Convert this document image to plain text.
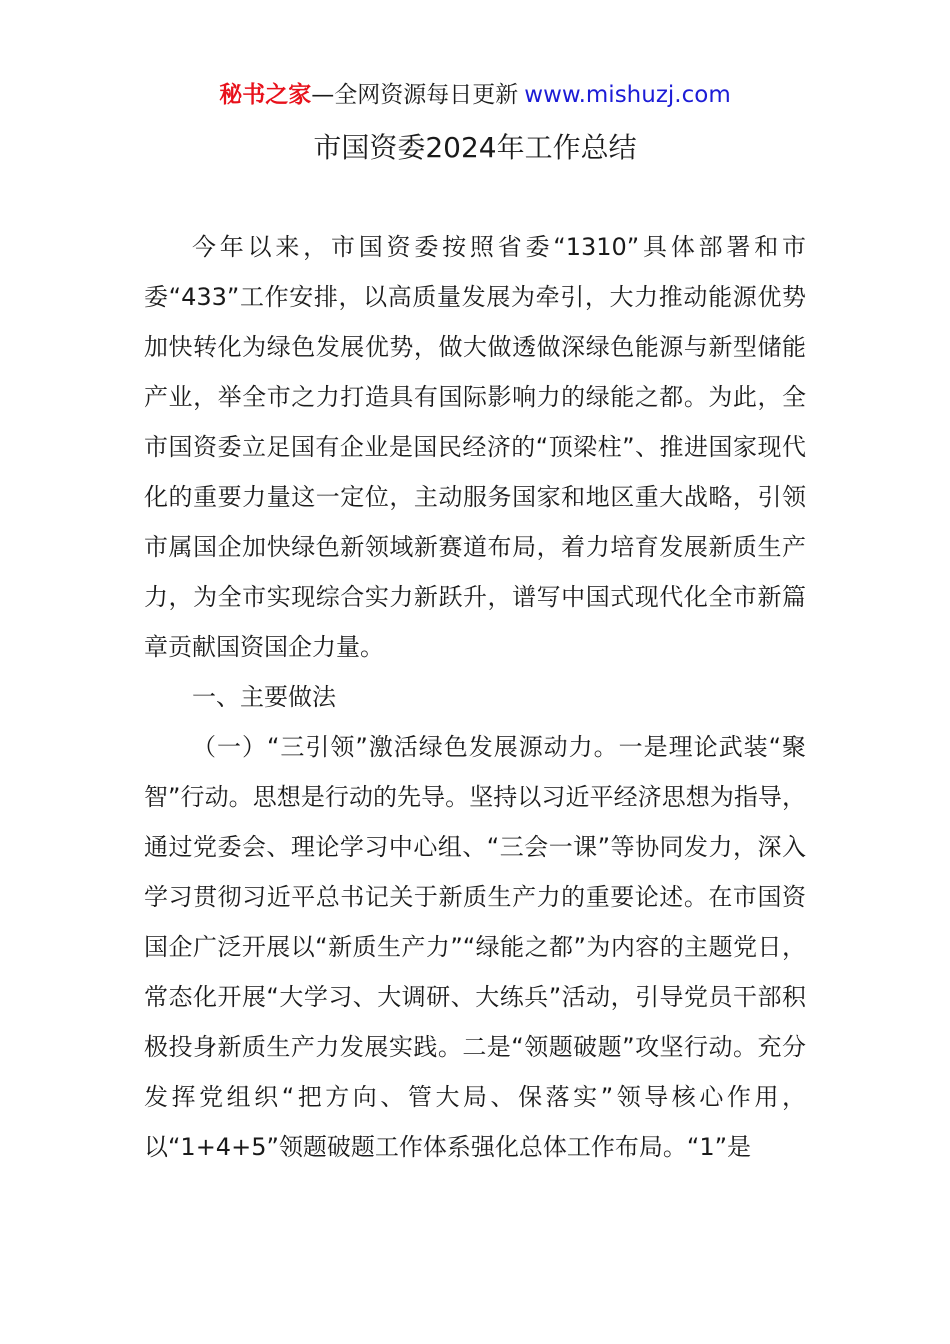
秘书之家—全网资源每日更新 www.mishuzj.com
市国资委2024年工作总结

今年以来，市国资委按照省委“1310”具体部署和市委“433”工作安排，以高质量发展为牵引，大力推动能源优势加快转化为绿色发展优势，做大做透做深绿色能源与新型储能产业，举全市之力打造具有国际影响力的绿能之都。为此，全市国资委立足国有企业是国民经济的“顶梁柱”、推进国家现代化的重要力量这一定位，主动服务国家和地区重大战略，引领市属国企加快绿色新领域新赛道布局，着力培育发展新质生产力，为全市实现综合实力新跃升，谱写中国式现代化全市新篇章贡献国资国企力量。

一、主要做法

（一）“三引领”激活绿色发展源动力。一是理论武装“聚智”行动。思想是行动的先导。坚持以习近平经济思想为指导，通过党委会、理论学习中心组、“三会一课”等协同发力，深入学习贯彻习近平总书记关于新质生产力的重要论述。在市国资国企广泛开展以“新质生产力”“绿能之都”为内容的主题党日，常态化开展“大学习、大调研、大练兵”活动，引导党员干部积极投身新质生产力发展实践。二是“领题破题”攻坚行动。充分发挥党组织“把方向、管大局、保落实”领导核心作用，以“1+4+5”领题破题工作体系强化总体工作布局。“1”是
